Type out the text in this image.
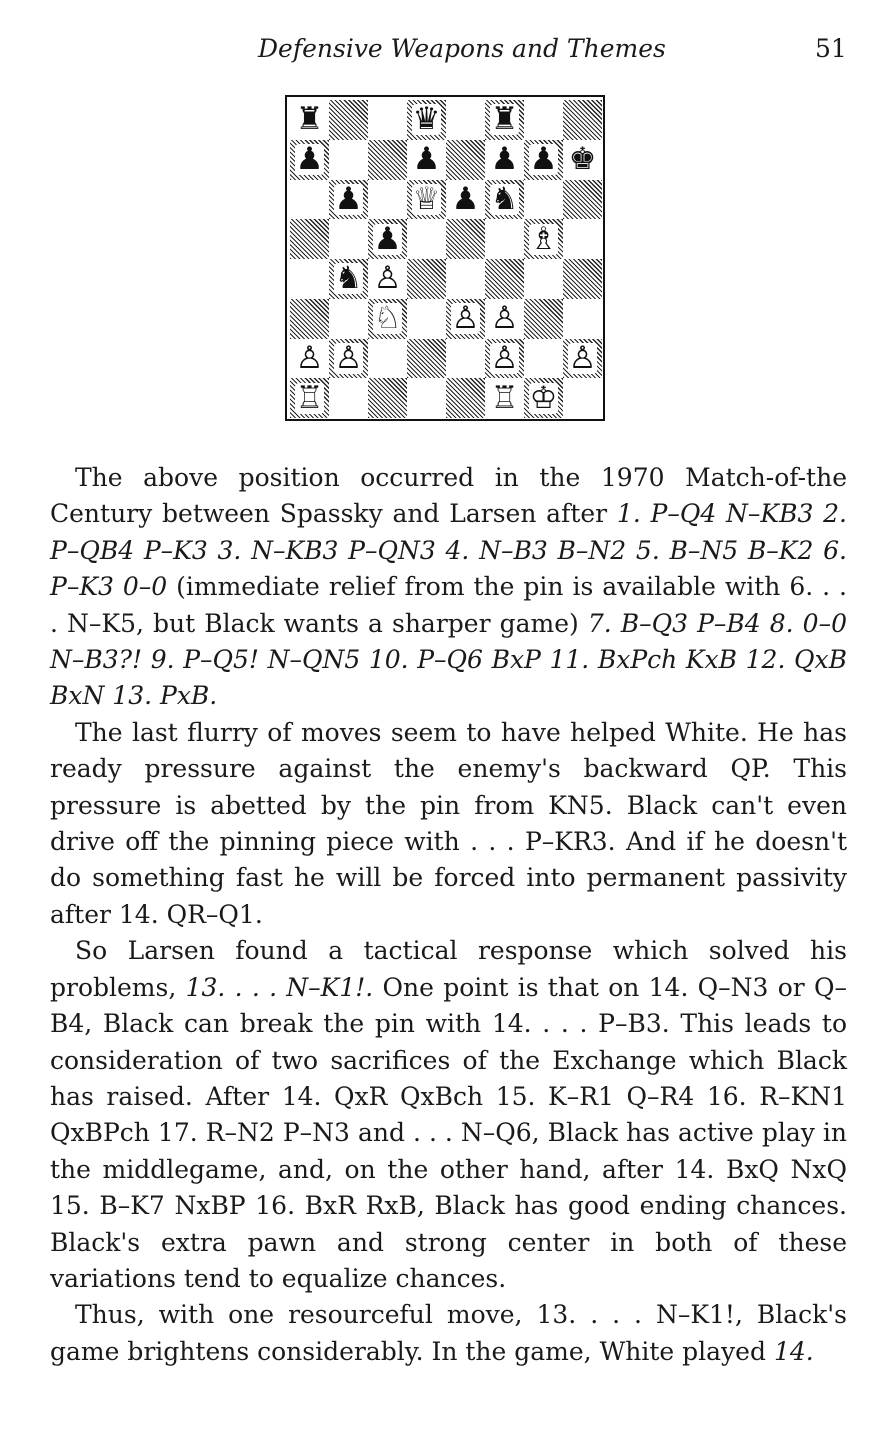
Defensive Weapons and Themes	51
♜	♛ ♜
♟	♟ ♟ ♟ ♚
♟ ♕ ♟ ♞
♟	♗
♞ ♙
♘ ♙ ♙
♙ ♙	♙ ♙
♖	♖ ♔

The above position occurred in the 1970 Match-of-the Century between Spassky and Larsen after 1. P–Q4 N–KB3 2. P–QB4 P–K3 3. N–KB3 P–QN3 4. N–B3 B–N2 5. B–N5 B–K2 6. P–K3 0–0 (immediate relief from the pin is available with 6. . . . N–K5, but Black wants a sharper game) 7. B–Q3 P–B4 8. 0–0 N–B3?! 9. P–Q5! N–QN5 10. P–Q6 BxP 11. BxPch KxB 12. QxB BxN 13. PxB.

The last flurry of moves seem to have helped White. He has ready pressure against the enemy's backward QP. This pressure is abetted by the pin from KN5. Black can't even drive off the pinning piece with . . . P–KR3. And if he doesn't do something fast he will be forced into permanent passivity after 14. QR–Q1.

So Larsen found a tactical response which solved his problems, 13. . . . N–K1!. One point is that on 14. Q–N3 or Q–B4, Black can break the pin with 14. . . . P–B3. This leads to consideration of two sacrifices of the Exchange which Black has raised. After 14. QxR QxBch 15. K–R1 Q–R4 16. R–KN1 QxBPch 17. R–N2 P–N3 and . . . N–Q6, Black has active play in the middlegame, and, on the other hand, after 14. BxQ NxQ 15. B–K7 NxBP 16. BxR RxB, Black has good ending chances. Black's extra pawn and strong center in both of these variations tend to equalize chances.

Thus, with one resourceful move, 13. . . . N–K1!, Black's game brightens considerably. In the game, White played 14.
